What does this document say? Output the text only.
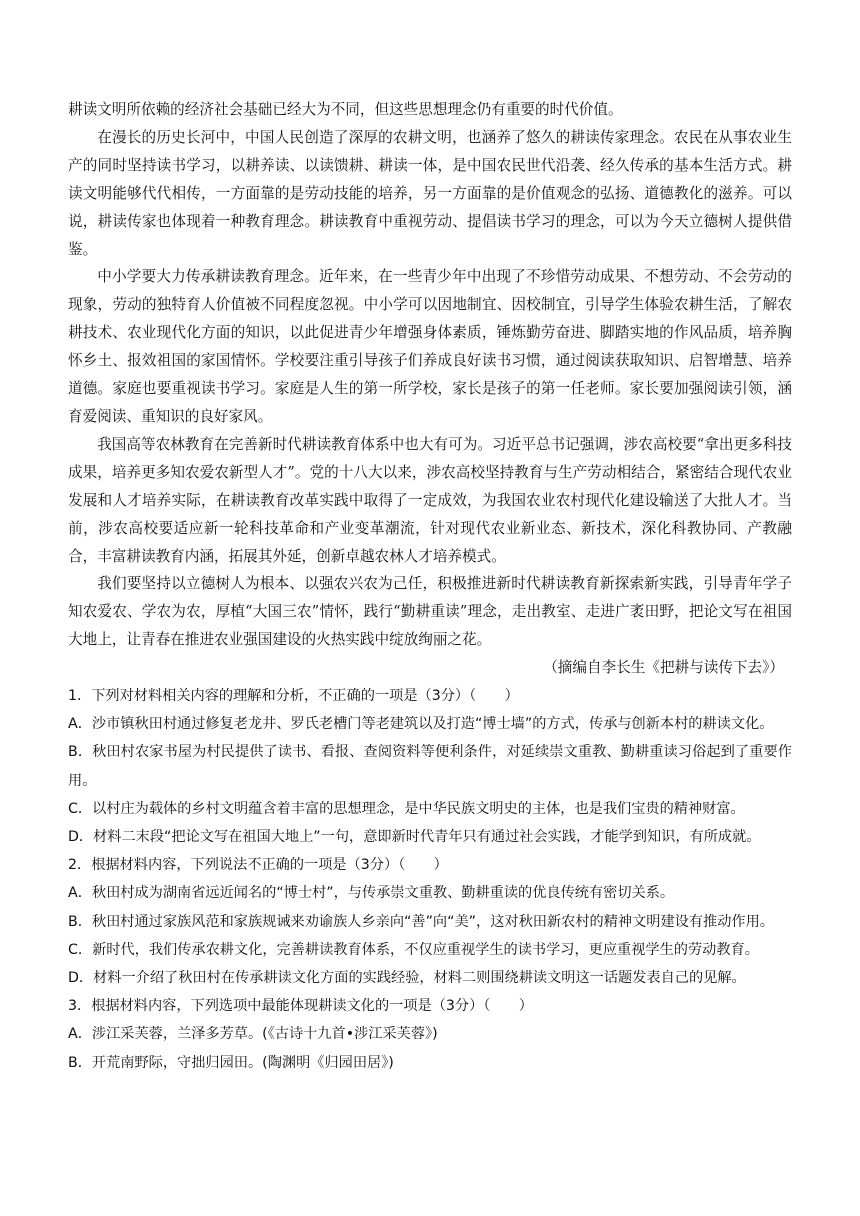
耕读文明所依赖的经济社会基础已经大为不同，但这些思想理念仍有重要的时代价值。

在漫长的历史长河中，中国人民创造了深厚的农耕文明，也涵养了悠久的耕读传家理念。农民在从事农业生产的同时坚持读书学习，以耕养读、以读馈耕、耕读一体，是中国农民世代沿袭、经久传承的基本生活方式。耕读文明能够代代相传，一方面靠的是劳动技能的培养，另一方面靠的是价值观念的弘扬、道德教化的滋养。可以说，耕读传家也体现着一种教育理念。耕读教育中重视劳动、提倡读书学习的理念，可以为今天立德树人提供借鉴。

中小学要大力传承耕读教育理念。近年来，在一些青少年中出现了不珍惜劳动成果、不想劳动、不会劳动的现象，劳动的独特育人价值被不同程度忽视。中小学可以因地制宜、因校制宜，引导学生体验农耕生活，了解农耕技术、农业现代化方面的知识，以此促进青少年增强身体素质，锤炼勤劳奋进、脚踏实地的作风品质，培养胸怀乡土、报效祖国的家国情怀。学校要注重引导孩子们养成良好读书习惯，通过阅读获取知识、启智增慧、培养道德。家庭也要重视读书学习。家庭是人生的第一所学校，家长是孩子的第一任老师。家长要加强阅读引领，涵育爱阅读、重知识的良好家风。

我国高等农林教育在完善新时代耕读教育体系中也大有可为。习近平总书记强调，涉农高校要“拿出更多科技成果，培养更多知农爱农新型人才”。党的十八大以来，涉农高校坚持教育与生产劳动相结合，紧密结合现代农业发展和人才培养实际，在耕读教育改革实践中取得了一定成效，为我国农业农村现代化建设输送了大批人才。当前，涉农高校要适应新一轮科技革命和产业变革潮流，针对现代农业新业态、新技术，深化科教协同、产教融合，丰富耕读教育内涵，拓展其外延，创新卓越农林人才培养模式。

我们要坚持以立德树人为根本、以强农兴农为己任，积极推进新时代耕读教育新探索新实践，引导青年学子知农爱农、学农为农，厚植“大国三农”情怀，践行“勤耕重读”理念，走出教室、走进广袤田野，把论文写在祖国大地上，让青春在推进农业强国建设的火热实践中绽放绚丽之花。

（摘编自李长生《把耕与读传下去》）

1．下列对材料相关内容的理解和分析，不正确的一项是（3分）（　　）

A．沙市镇秋田村通过修复老龙井、罗氏老槽门等老建筑以及打造“博士墙”的方式，传承与创新本村的耕读文化。

B．秋田村农家书屋为村民提供了读书、看报、查阅资料等便利条件，对延续崇文重教、勤耕重读习俗起到了重要作用。

C．以村庄为载体的乡村文明蕴含着丰富的思想理念，是中华民族文明史的主体，也是我们宝贵的精神财富。

D．材料二末段“把论文写在祖国大地上”一句，意即新时代青年只有通过社会实践，才能学到知识，有所成就。

2．根据材料内容，下列说法不正确的一项是（3分）（　　）

A．秋田村成为湖南省远近闻名的“博士村”，与传承崇文重教、勤耕重读的优良传统有密切关系。

B．秋田村通过家族风范和家族规诫来劝谕族人乡亲向“善”向“美”，这对秋田新农村的精神文明建设有推动作用。

C．新时代，我们传承农耕文化，完善耕读教育体系，不仅应重视学生的读书学习，更应重视学生的劳动教育。

D．材料一介绍了秋田村在传承耕读文化方面的实践经验，材料二则围绕耕读文明这一话题发表自己的见解。

3．根据材料内容，下列选项中最能体现耕读文化的一项是（3分）（　　）

A．涉江采芙蓉，兰泽多芳草。(《古诗十九首•涉江采芙蓉》)

B．开荒南野际，守拙归园田。(陶渊明《归园田居》)
